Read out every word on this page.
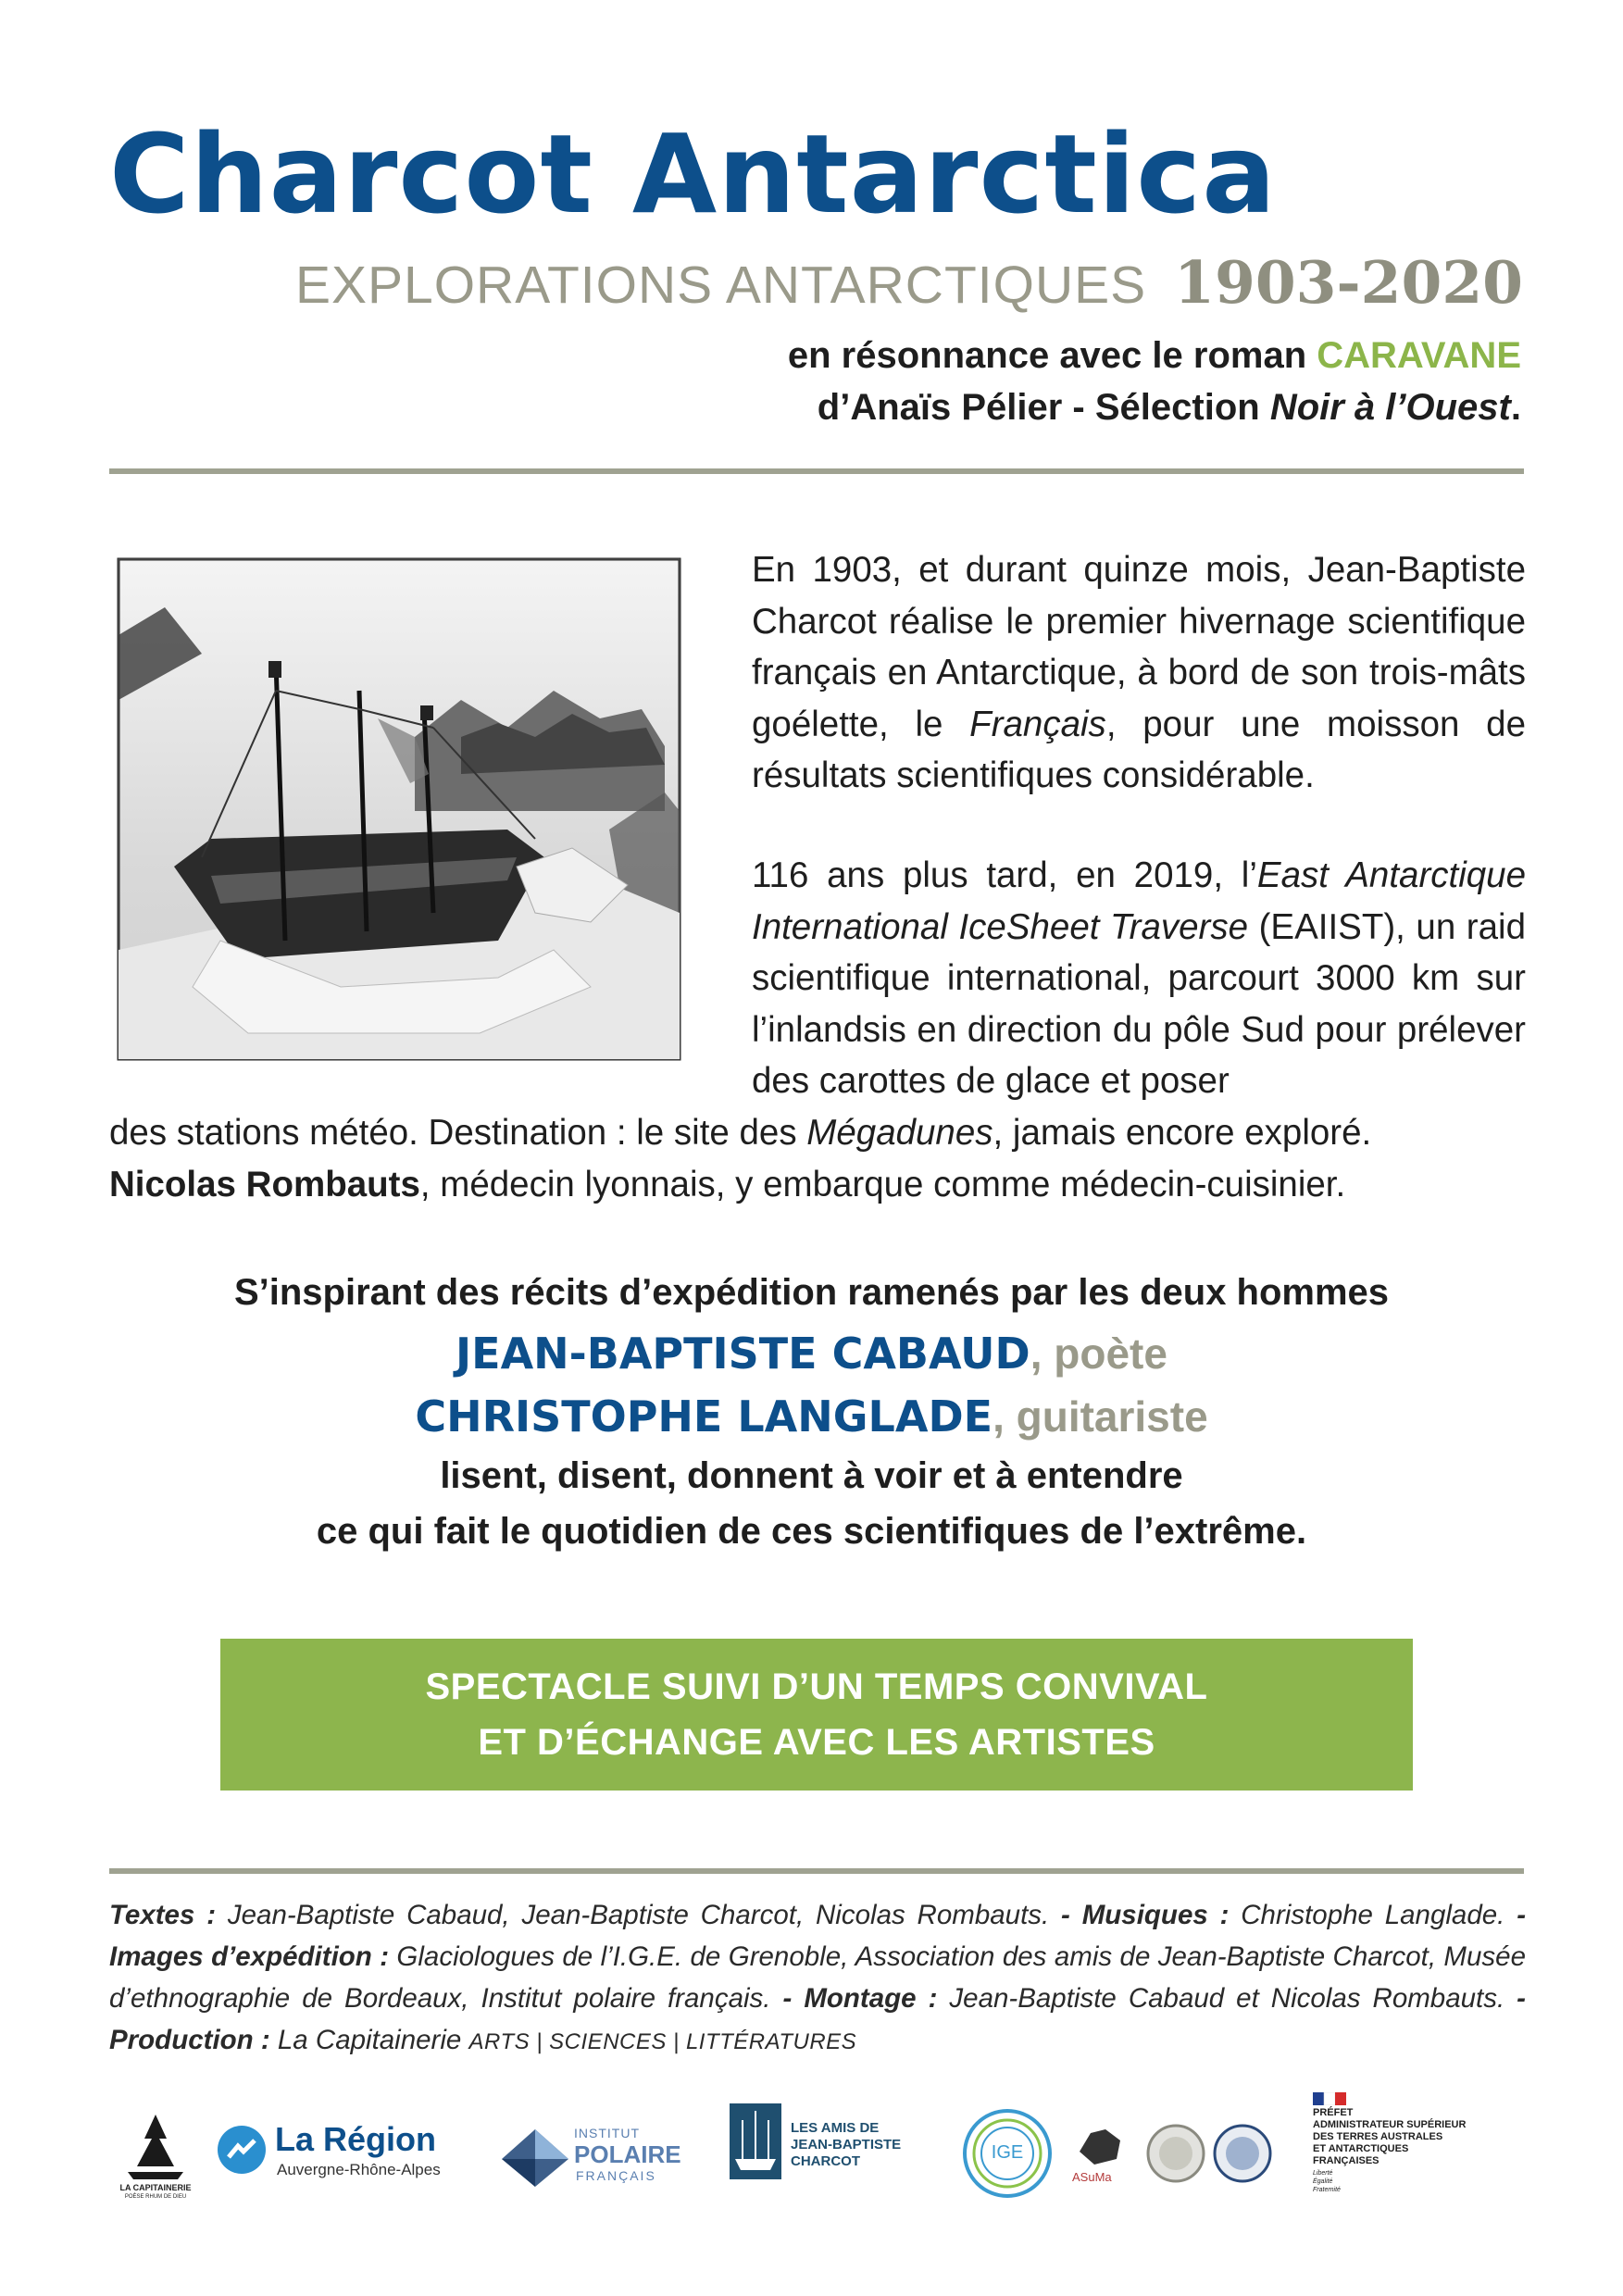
Charcot Antarctica
EXPLORATIONS ANTARCTIQUES 1903-2020
en résonnance avec le roman CARAVANE
d’Anaïs Pélier - Sélection Noir à l’Ouest.

En 1903, et durant quinze mois, Jean-Baptiste Charcot réalise le premier hivernage scientifique français en Antarctique, à bord de son trois-mâts goélette, le Français, pour une moisson de résultats scientifiques considérable.

116 ans plus tard, en 2019, l’East Antarctique International IceSheet Traverse (EAIIST), un raid scientifique international, parcourt 3000 km sur l’inlandsis en direction du pôle Sud pour prélever des carottes de glace et poser

des stations météo. Destination : le site des Mégadunes, jamais encore exploré.

Nicolas Rombauts, médecin lyonnais, y embarque comme médecin-cuisinier.

S’inspirant des récits d’expédition ramenés par les deux hommes
JEAN-BAPTISTE CABAUD, poète
CHRISTOPHE LANGLADE, guitariste
lisent, disent, donnent à voir et à entendre
ce qui fait le quotidien de ces scientifiques de l’extrême.
SPECTACLE SUIVI D’UN TEMPS CONVIVAL
ET D’ÉCHANGE AVEC LES ARTISTES
Textes : Jean-Baptiste Cabaud, Jean-Baptiste Charcot, Nicolas Rombauts. - Musiques : Christophe Langlade. - Images d’expédition : Glaciologues de l’I.G.E. de Grenoble, Association des amis de Jean-Baptiste Charcot, Musée d’ethnographie de Bordeaux, Institut polaire français. - Montage : Jean-Baptiste Cabaud et Nicolas Rombauts. - Production : La Capitainerie ARTS | SCIENCES | LITTÉRATURES
LA CAPITAINERIE
POÈSE RHUM DE DIEU
La Région
Auvergne-Rhône-Alpes
INSTITUT
POLAIRE
FRANÇAIS
LES AMIS DE
JEAN-BAPTISTE
CHARCOT	IGE
ASuMa
PRÉFET
ADMINISTRATEUR SUPÉRIEUR
DES TERRES AUSTRALES
ET ANTARCTIQUES
FRANÇAISES
Liberté
Égalité
Fraternité
